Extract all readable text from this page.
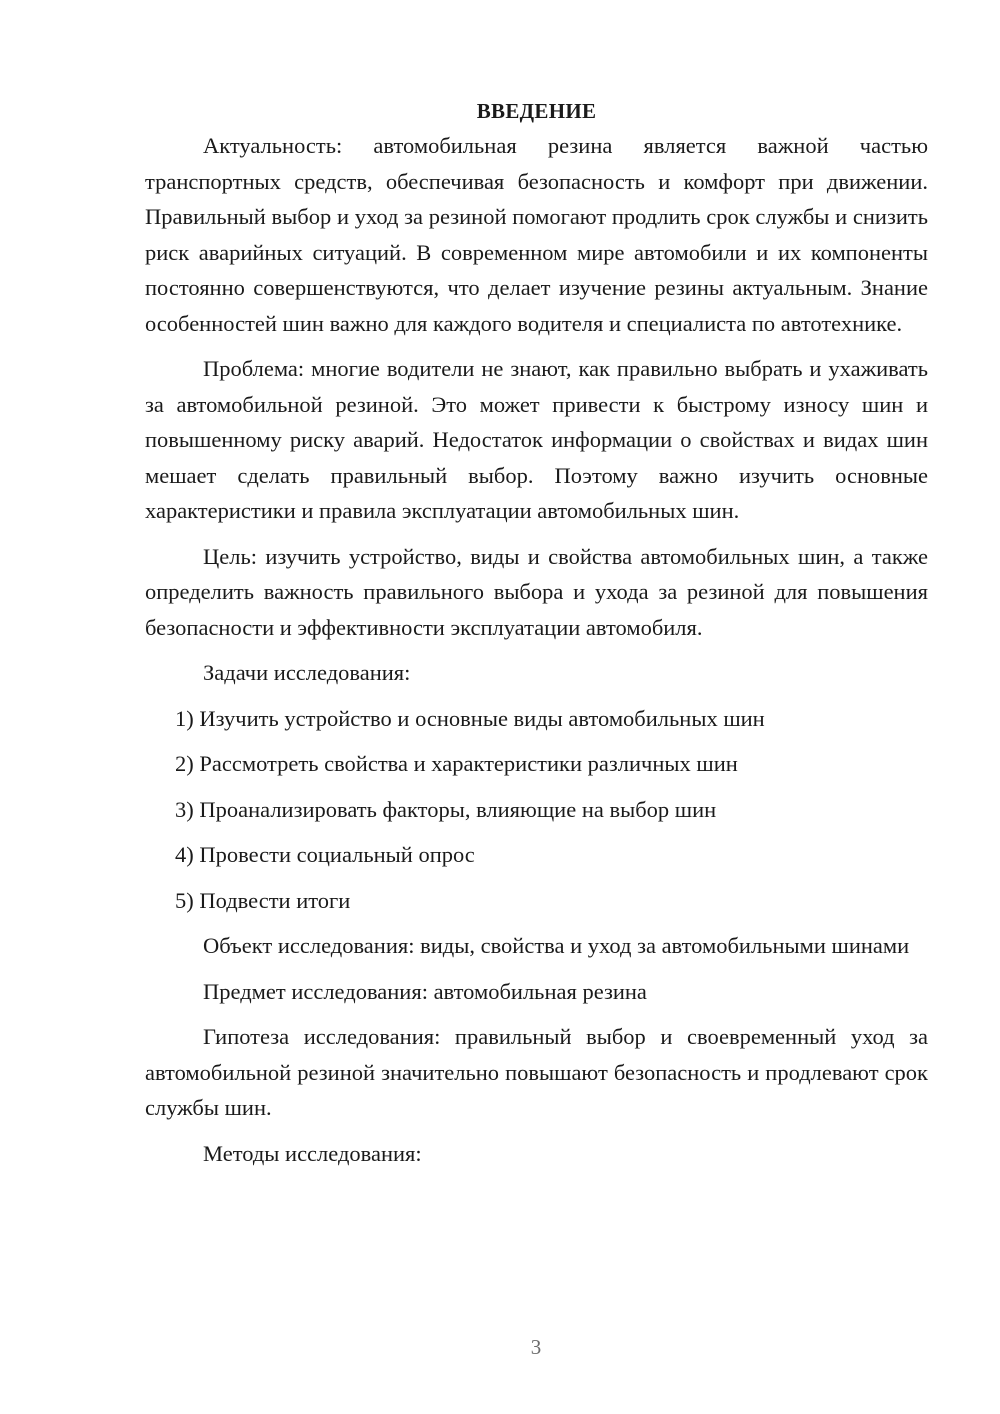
ВВЕДЕНИЕ

Актуальность: автомобильная резина является важной частью транспортных средств, обеспечивая безопасность и комфорт при движении. Правильный выбор и уход за резиной помогают продлить срок службы и снизить риск аварийных ситуаций. В современном мире автомобили и их компоненты постоянно совершенствуются, что делает изучение резины актуальным. Знание особенностей шин важно для каждого водителя и специалиста по автотехнике.

Проблема: многие водители не знают, как правильно выбрать и ухаживать за автомобильной резиной. Это может привести к быстрому износу шин и повышенному риску аварий. Недостаток информации о свойствах и видах шин мешает сделать правильный выбор. Поэтому важно изучить основные характеристики и правила эксплуатации автомобильных шин.

Цель: изучить устройство, виды и свойства автомобильных шин, а также определить важность правильного выбора и ухода за резиной для повышения безопасности и эффективности эксплуатации автомобиля.

Задачи исследования:

1) Изучить устройство и основные виды автомобильных шин
2) Рассмотреть свойства и характеристики различных шин
3) Проанализировать факторы, влияющие на выбор шин
4) Провести социальный опрос
5) Подвести итоги

Объект исследования: виды, свойства и уход за автомобильными шинами

Предмет исследования: автомобильная резина

Гипотеза исследования: правильный выбор и своевременный уход за автомобильной резиной значительно повышают безопасность и продлевают срок службы шин.

Методы исследования:

3
